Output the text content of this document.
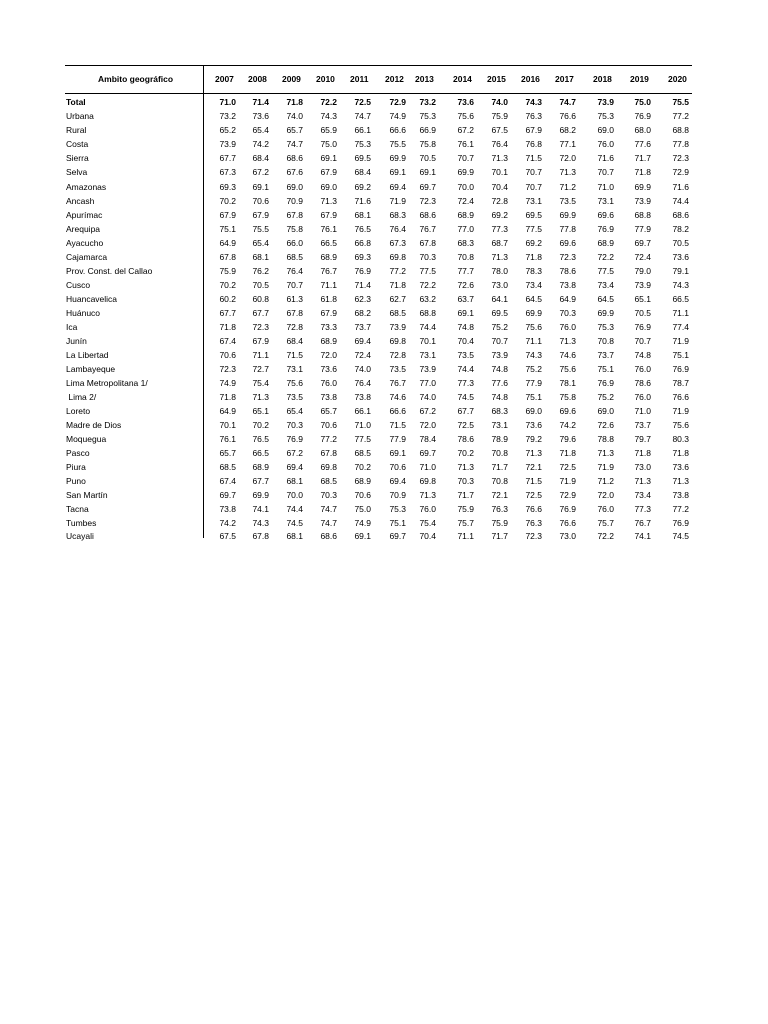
Ambito geográfico	2007 2008 2009 2010 2011 2012 2013 2014 2015 2016 2017 2018 2019 2020
Total	71.0	71.4	71.8	72.2	72.5	72.9	73.2	73.6	74.0	74.3	74.7	73.9	75.0	75.5
Urbana	73.2	73.6	74.0	74.3	74.7	74.9	75.3	75.6	75.9	76.3	76.6	75.3	76.9	77.2
Rural	65.2	65.4	65.7	65.9	66.1	66.6	66.9	67.2	67.5	67.9	68.2	69.0	68.0	68.8
Costa	73.9	74.2	74.7	75.0	75.3	75.5	75.8	76.1	76.4	76.8	77.1	76.0	77.6	77.8
Sierra	67.7	68.4	68.6	69.1	69.5	69.9	70.5	70.7	71.3	71.5	72.0	71.6	71.7	72.3
Selva	67.3	67.2	67.6	67.9	68.4	69.1	69.1	69.9	70.1	70.7	71.3	70.7	71.8	72.9
Amazonas	69.3	69.1	69.0	69.0	69.2	69.4	69.7	70.0	70.4	70.7	71.2	71.0	69.9	71.6
Ancash	70.2	70.6	70.9	71.3	71.6	71.9	72.3	72.4	72.8	73.1	73.5	73.1	73.9	74.4
Apurímac	67.9	67.9	67.8	67.9	68.1	68.3	68.6	68.9	69.2	69.5	69.9	69.6	68.8	68.6
Arequipa	75.1	75.5	75.8	76.1	76.5	76.4	76.7	77.0	77.3	77.5	77.8	76.9	77.9	78.2
Ayacucho	64.9	65.4	66.0	66.5	66.8	67.3	67.8	68.3	68.7	69.2	69.6	68.9	69.7	70.5
Cajamarca	67.8	68.1	68.5	68.9	69.3	69.8	70.3	70.8	71.3	71.8	72.3	72.2	72.4	73.6
Prov. Const. del Callao	75.9	76.2	76.4	76.7	76.9	77.2	77.5	77.7	78.0	78.3	78.6	77.5	79.0	79.1
Cusco	70.2	70.5	70.7	71.1	71.4	71.8	72.2	72.6	73.0	73.4	73.8	73.4	73.9	74.3
Huancavelica	60.2	60.8	61.3	61.8	62.3	62.7	63.2	63.7	64.1	64.5	64.9	64.5	65.1	66.5
Huánuco	67.7	67.7	67.8	67.9	68.2	68.5	68.8	69.1	69.5	69.9	70.3	69.9	70.5	71.1
Ica	71.8	72.3	72.8	73.3	73.7	73.9	74.4	74.8	75.2	75.6	76.0	75.3	76.9	77.4
Junín	67.4	67.9	68.4	68.9	69.4	69.8	70.1	70.4	70.7	71.1	71.3	70.8	70.7	71.9
La Libertad	70.6	71.1	71.5	72.0	72.4	72.8	73.1	73.5	73.9	74.3	74.6	73.7	74.8	75.1
Lambayeque	72.3	72.7	73.1	73.6	74.0	73.5	73.9	74.4	74.8	75.2	75.6	75.1	76.0	76.9
Lima Metropolitana 1/	74.9	75.4	75.6	76.0	76.4	76.7	77.0	77.3	77.6	77.9	78.1	76.9	78.6	78.7
Lima 2/	71.8	71.3	73.5	73.8	73.8	74.6	74.0	74.5	74.8	75.1	75.8	75.2	76.0	76.6
Loreto	64.9	65.1	65.4	65.7	66.1	66.6	67.2	67.7	68.3	69.0	69.6	69.0	71.0	71.9
Madre de Dios	70.1	70.2	70.3	70.6	71.0	71.5	72.0	72.5	73.1	73.6	74.2	72.6	73.7	75.6
Moquegua	76.1	76.5	76.9	77.2	77.5	77.9	78.4	78.6	78.9	79.2	79.6	78.8	79.7	80.3
Pasco	65.7	66.5	67.2	67.8	68.5	69.1	69.7	70.2	70.8	71.3	71.8	71.3	71.8	71.8
Piura	68.5	68.9	69.4	69.8	70.2	70.6	71.0	71.3	71.7	72.1	72.5	71.9	73.0	73.6
Puno	67.4	67.7	68.1	68.5	68.9	69.4	69.8	70.3	70.8	71.5	71.9	71.2	71.3	71.3
San Martín	69.7	69.9	70.0	70.3	70.6	70.9	71.3	71.7	72.1	72.5	72.9	72.0	73.4	73.8
Tacna	73.8	74.1	74.4	74.7	75.0	75.3	76.0	75.9	76.3	76.6	76.9	76.0	77.3	77.2
Tumbes	74.2	74.3	74.5	74.7	74.9	75.1	75.4	75.7	75.9	76.3	76.6	75.7	76.7	76.9
Ucayali	67.5	67.8	68.1	68.6	69.1	69.7	70.4	71.1	71.7	72.3	73.0	72.2	74.1	74.5
